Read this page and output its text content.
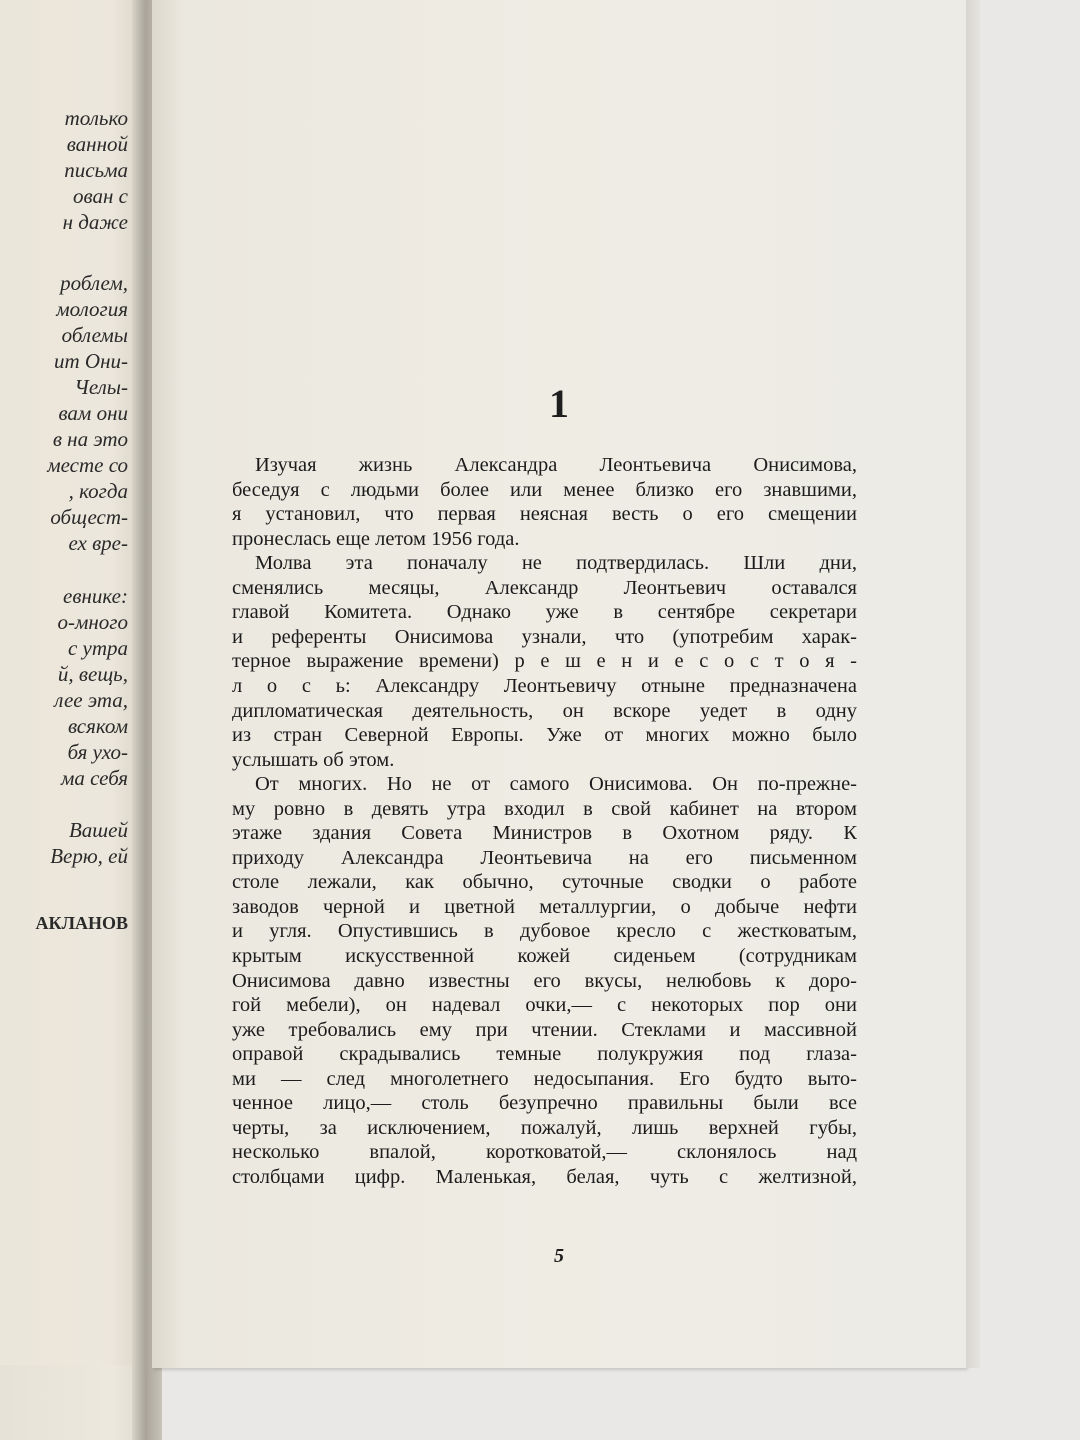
только
ванной
письма
ован с
н даже
роблем,
мология
облемы
ит Они-
Челы-
вам они
в на это
месте со
, когда
общест-
ех вре-
евнике:
о-много
с утра
й, вещь,
лее эта,
всяком
бя ухо-
ма себя
Вашей
Верю, ей
АКЛАНОВ
1
5
Изучая жизнь Александра Леонтьевича Онисимова,
беседуя с людьми более или менее близко его знавшими,
я установил, что первая неясная весть о его смещении
пронеслась еще летом 1956 года.
Молва эта поначалу не подтвердилась. Шли дни,
сменялись месяцы, Александр Леонтьевич оставался
главой Комитета. Однако уже в сентябре секретари
и референты Онисимова узнали, что (употребим харак-
терное выражение времени) р е ш е н и е с о с т о я -
л о с ь: Александру Леонтьевичу отныне предназначена
дипломатическая деятельность, он вскоре уедет в одну
из стран Северной Европы. Уже от многих можно было
услышать об этом.
От многих. Но не от самого Онисимова. Он по-прежне-
му ровно в девять утра входил в свой кабинет на втором
этаже здания Совета Министров в Охотном ряду. К
приходу Александра Леонтьевича на его письменном
столе лежали, как обычно, суточные сводки о работе
заводов черной и цветной металлургии, о добыче нефти
и угля. Опустившись в дубовое кресло с жестковатым,
крытым искусственной кожей сиденьем (сотрудникам
Онисимова давно известны его вкусы, нелюбовь к доро-
гой мебели), он надевал очки,— с некоторых пор они
уже требовались ему при чтении. Стеклами и массивной
оправой скрадывались темные полукружия под глаза-
ми — след многолетнего недосыпания. Его будто выто-
ченное лицо,— столь безупречно правильны были все
черты, за исключением, пожалуй, лишь верхней губы,
несколько впалой, коротковатой,— склонялось над
столбцами цифр. Маленькая, белая, чуть с желтизной,
